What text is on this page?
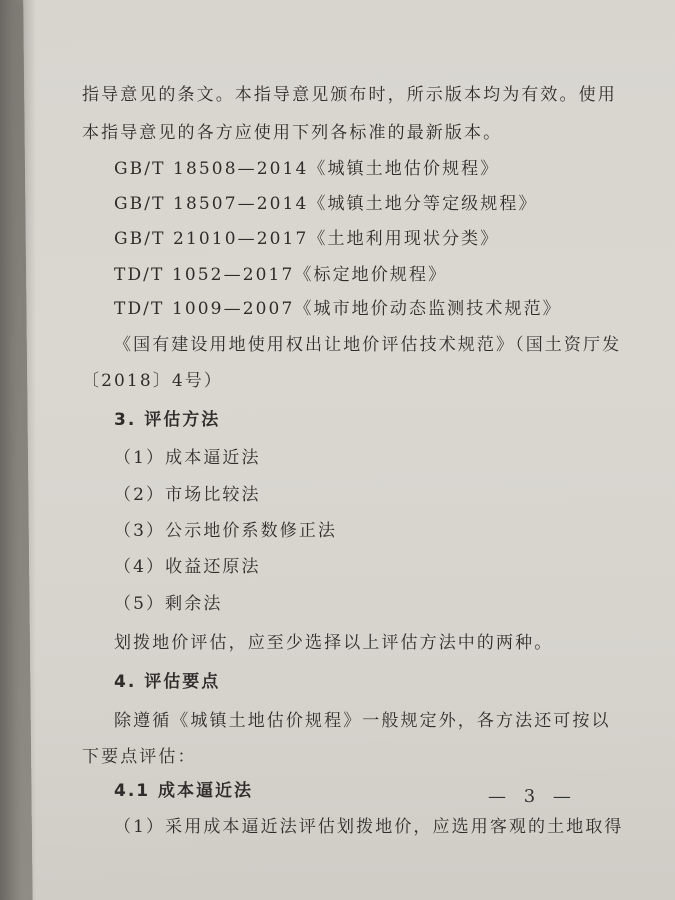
指导意见的条文。本指导意见颁布时，所示版本均为有效。使用
本指导意见的各方应使用下列各标准的最新版本。
GB/T 18508—2014《城镇土地估价规程》
GB/T 18507—2014《城镇土地分等定级规程》
GB/T 21010—2017《土地利用现状分类》
TD/T 1052—2017《标定地价规程》
TD/T 1009—2007《城市地价动态监测技术规范》
《国有建设用地使用权出让地价评估技术规范》（国土资厅发
〔2018〕4号）
3. 评估方法
（1）成本逼近法
（2）市场比较法
（3）公示地价系数修正法
（4）收益还原法
（5）剩余法
划拨地价评估，应至少选择以上评估方法中的两种。
4. 评估要点
除遵循《城镇土地估价规程》一般规定外，各方法还可按以
下要点评估：
4.1 成本逼近法
（1）采用成本逼近法评估划拨地价，应选用客观的土地取得
— 3 —
